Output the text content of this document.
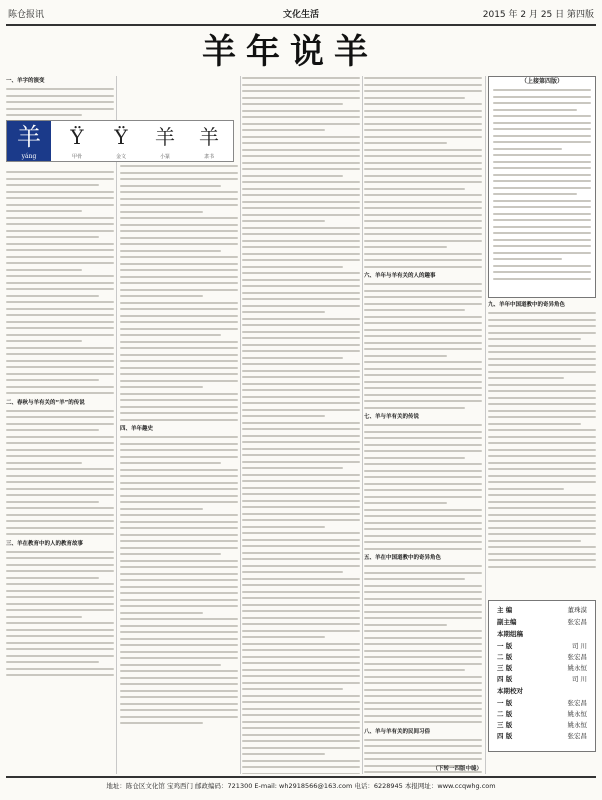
陈仓报讯	文化生活	2015 年 2 月 25 日 第四版
羊年说羊
一、羊字的演变
二、春秋与羊有关的“羊”的传说
三、羊在教育中的人的教育故事
羊
yáng
Ϋ
甲骨
Ϋ
金文
羊
小篆
羊
隶书
四、羊年趣史
六、羊年与羊有关的人的趣事
七、羊与羊有关的传说
五、羊在中国道教中的奇异角色
八、羊与羊有关的民间习俗
（上接第四版）
九、羊年中国道教中的奇异角色
主 编	董珠漠
副主编	张宏昌
本期组稿
一 版	司 川
二 版	张宏昌
三 版	姚永恒
四 版	司 川
本期校对
一 版	张宏昌
二 版	姚永恒
三 版	姚永恒
四 版	张宏昌
（下转一四版中缝）
地址：陈仓区文化馆 宝鸡西门 邮政编码：721300 E-mail: wh2918566@163.com 电话：6228945 本报网址：www.ccqwhg.com
